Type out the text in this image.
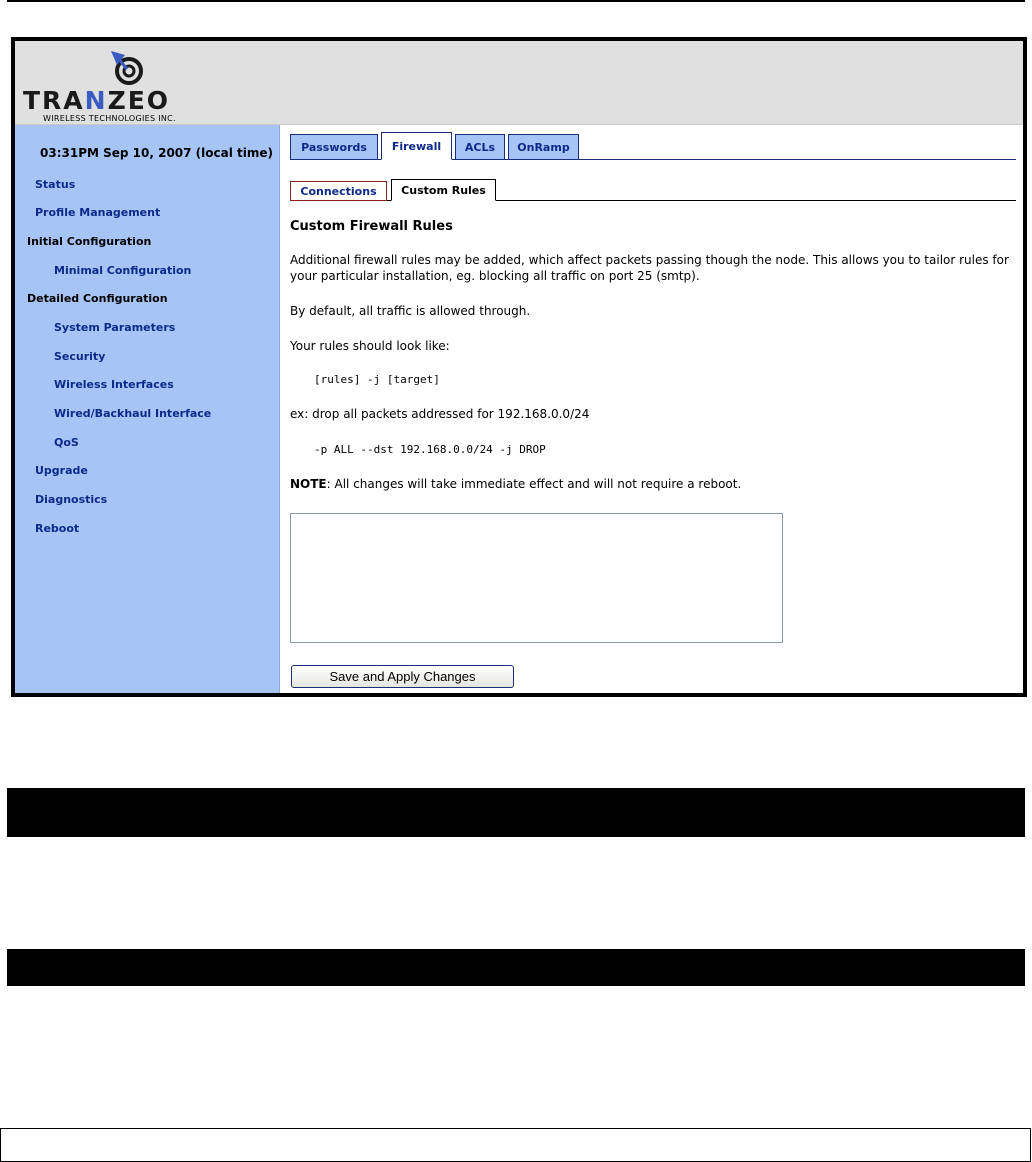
TRANZEO
WIRELESS TECHNOLOGIES INC.
03:31PM Sep 10, 2007 (local time)
Status
Profile Management
Initial Configuration
Minimal Configuration
Detailed Configuration
System Parameters
Security
Wireless Interfaces
Wired/Backhaul Interface
QoS
Upgrade
Diagnostics
Reboot
Passwords	Firewall	ACLs	OnRamp
Connections	Custom Rules
Custom Firewall Rules
Additional firewall rules may be added, which affect packets passing though the node. This allows you to tailor rules for your particular installation, eg. blocking all traffic on port 25 (smtp).
By default, all traffic is allowed through.
Your rules should look like:
[rules] -j [target]
ex: drop all packets addressed for 192.168.0.0/24
-p ALL --dst 192.168.0.0/24 -j DROP
NOTE: All changes will take immediate effect and will not require a reboot.
Save and Apply Changes
